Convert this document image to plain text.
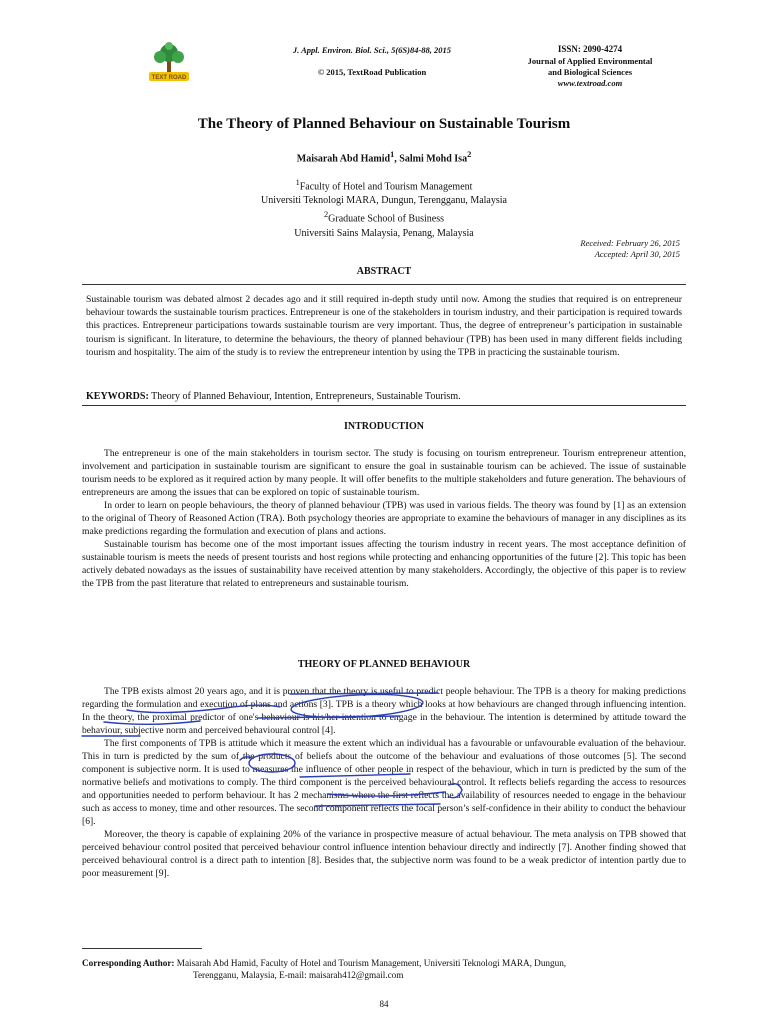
TEXT ROAD
J. Appl. Environ. Biol. Sci., 5(6S)84-88, 2015
© 2015, TextRoad Publication
ISSN: 2090-4274
Journal of Applied Environmental
and Biological Sciences
www.textroad.com
The Theory of Planned Behaviour on Sustainable Tourism
Maisarah Abd Hamid$^1$, Salmi Mohd Isa$^2$
$^1$Faculty of Hotel and Tourism Management
Universiti Teknologi MARA, Dungun, Terengganu, Malaysia
$^2$Graduate School of Business
Universiti Sains Malaysia, Penang, Malaysia
Received: February 26, 2015
Accepted: April 30, 2015
ABSTRACT
Sustainable tourism was debated almost 2 decades ago and it still required in-depth study until now. Among the studies that required is on entrepreneur behaviour towards the sustainable tourism practices. Entrepreneur is one of the stakeholders in tourism industry, and their participation is required towards this practices. Entrepreneur participations towards sustainable tourism are very important. Thus, the degree of entrepreneur’s participation in sustainable tourism is significant. In literature, to determine the behaviours, the theory of planned behaviour (TPB) has been used in many different fields including tourism and hospitality. The aim of the study is to review the entrepreneur intention by using the TPB in practicing the sustainable tourism.
KEYWORDS: Theory of Planned Behaviour, Intention, Entrepreneurs, Sustainable Tourism.
INTRODUCTION

The entrepreneur is one of the main stakeholders in tourism sector. The study is focusing on tourism entrepreneur. Tourism entrepreneur attention, involvement and participation in sustainable tourism are significant to ensure the goal in sustainable tourism can be achieved. The issue of sustainable tourism needs to be explored as it required action by many people. It will offer benefits to the multiple stakeholders and future generation. The behaviours of entrepreneurs are among the issues that can be explored on topic of sustainable tourism.

In order to learn on people behaviours, the theory of planned behaviour (TPB) was used in various fields. The theory was found by [1] as an extension to the original of Theory of Reasoned Action (TRA). Both psychology theories are appropriate to examine the behaviours of manager in any disciplines as its make predictions regarding the formulation and execution of plans and actions.

Sustainable tourism has become one of the most important issues affecting the tourism industry in recent years. The most acceptance definition of sustainable tourism is meets the needs of present tourists and host regions while protecting and enhancing opportunities of the future [2]. This topic has been actively debated nowadays as the issues of sustainability have received attention by many stakeholders. Accordingly, the objective of this paper is to review the TPB from the past literature that related to entrepreneurs and sustainable tourism.

THEORY OF PLANNED BEHAVIOUR

The TPB exists almost 20 years ago, and it is proven that the theory is useful to predict people behaviour. The TPB is a theory for making predictions regarding the formulation and execution of plans and actions [3]. TPB is a theory which looks at how behaviours are changed through influencing intention. In the theory, the proximal predictor of one's behaviour is his/her intention to engage in the behaviour. The intention is determined by attitude toward the behaviour, subjective norm and perceived behavioural control [4].

The first components of TPB is attitude which it measure the extent which an individual has a favourable or unfavourable evaluation of the behaviour. This in turn is predicted by the sum of the products of beliefs about the outcome of the behaviour and evaluations of those outcomes [5]. The second component is subjective norm. It is used to measures the influence of other people in respect of the behaviour, which in turn is predicted by the sum of the normative beliefs and motivations to comply. The third component is the perceived behavioural control. It reflects beliefs regarding the access to resources and opportunities needed to perform behaviour. It has 2 mechanisms where the first reflects the availability of resources needed to engage in the behaviour such as access to money, time and other resources. The second component reflects the focal person’s self-confidence in their ability to conduct the behaviour [6].

Moreover, the theory is capable of explaining 20% of the variance in prospective measure of actual behaviour. The meta analysis on TPB showed that perceived behaviour control posited that perceived behaviour control influence intention behaviour directly and indirectly [7]. Another finding showed that perceived behavioural control is a direct path to intention [8]. Besides that, the subjective norm was found to be a weak predictor of intention partly due to poor measurement [9].

Corresponding Author: Maisarah Abd Hamid, Faculty of Hotel and Tourism Management, Universiti Teknologi MARA, Dungun,
Terengganu, Malaysia, E-mail: maisarah412@gmail.com
84
